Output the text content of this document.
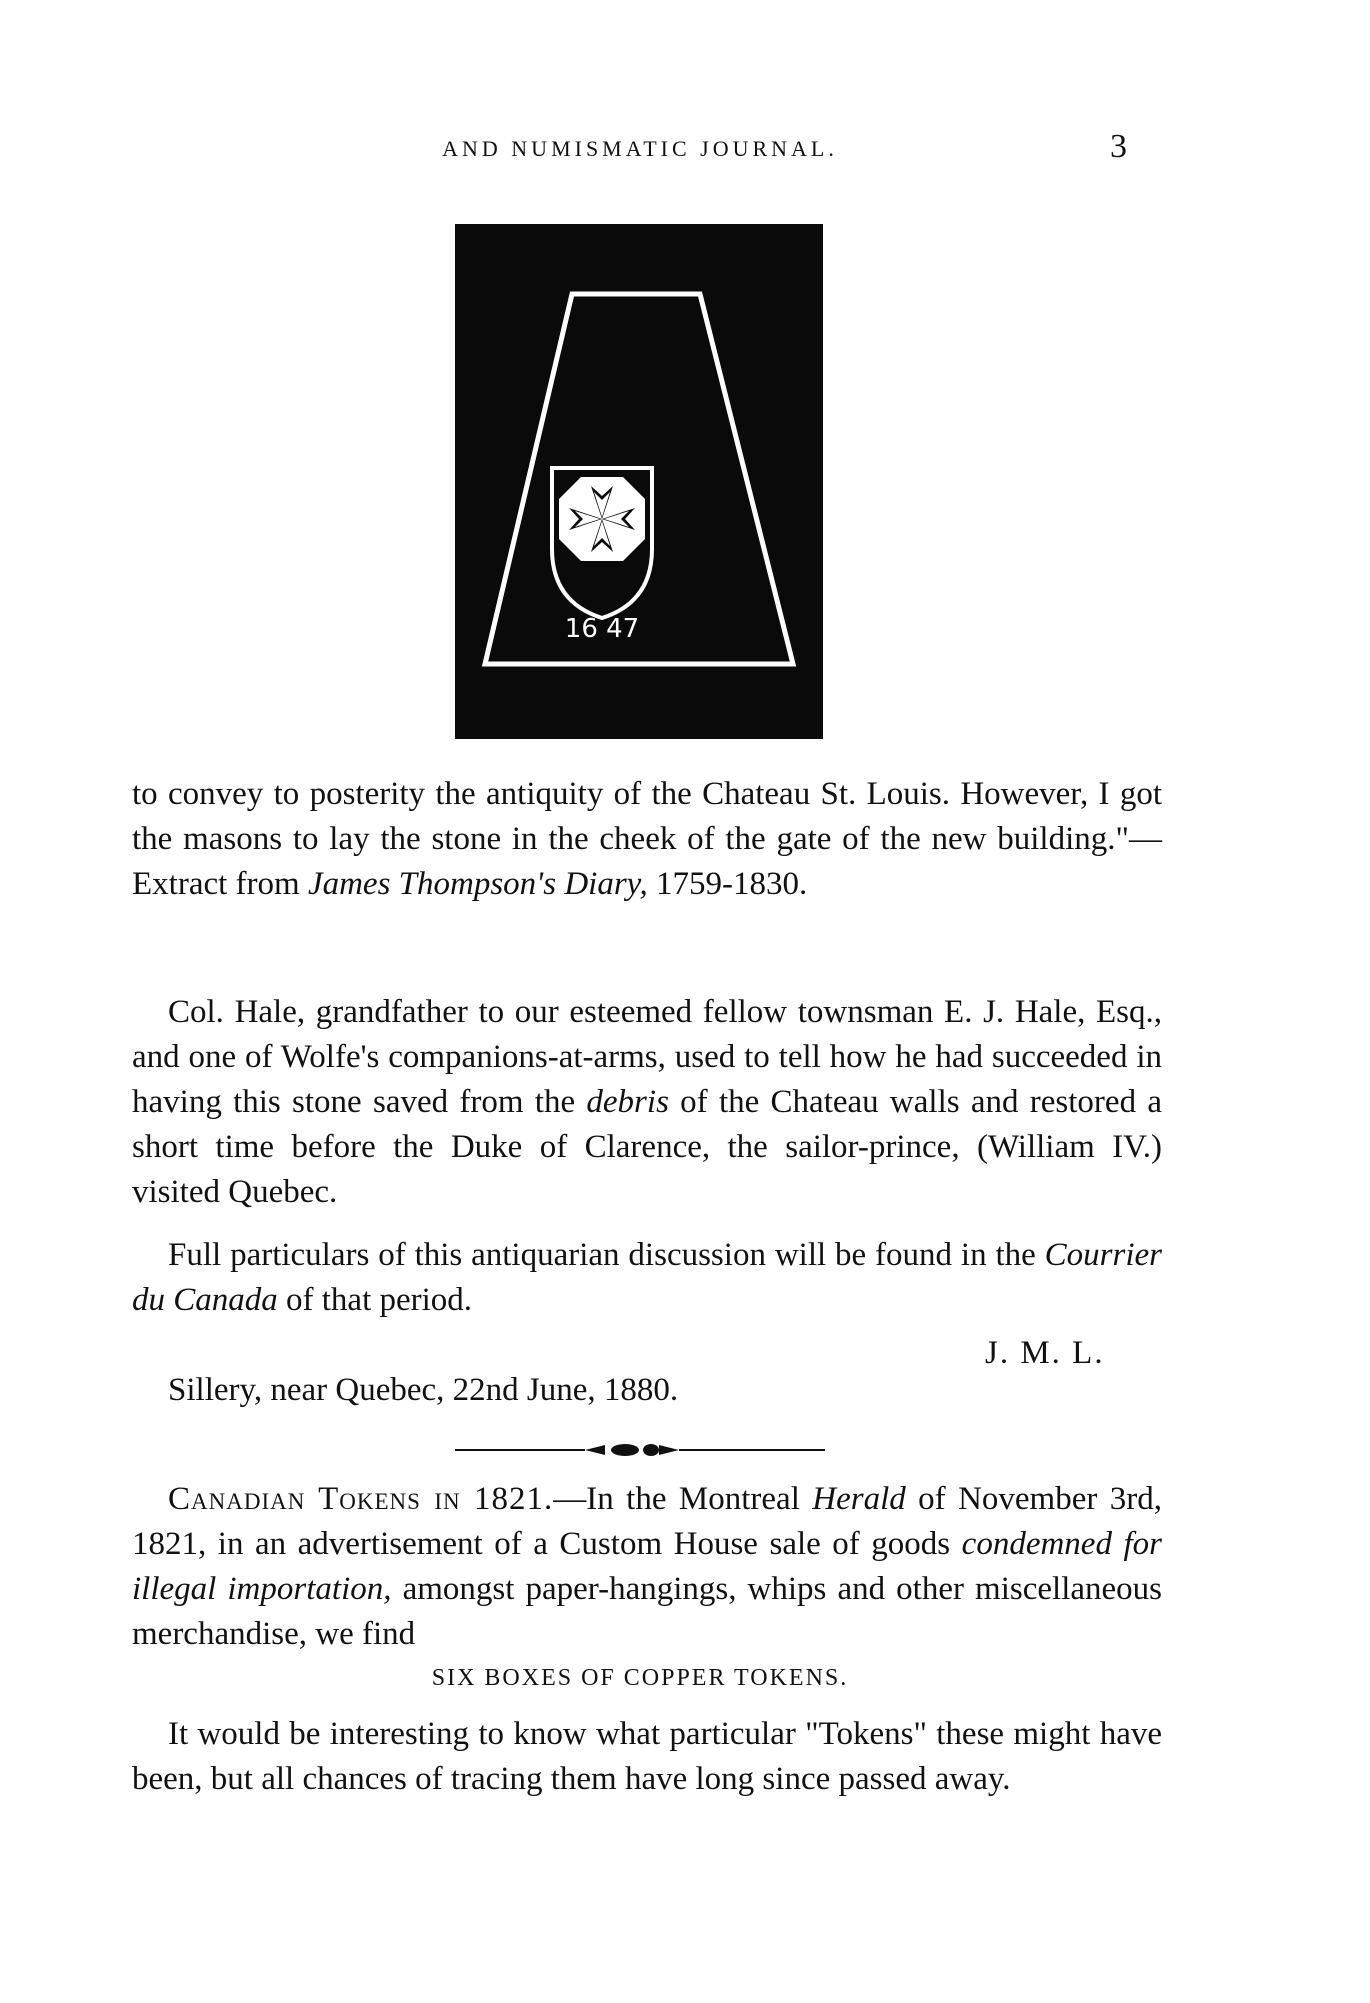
AND NUMISMATIC JOURNAL.	3
16 47

to convey to posterity the antiquity of the Chateau St. Louis. However, I got the masons to lay the stone in the cheek of the gate of the new building."—Extract from James Thompson's Diary, 1759-1830.

Col. Hale, grandfather to our esteemed fellow townsman E. J. Hale, Esq., and one of Wolfe's companions-at-arms, used to tell how he had succeeded in having this stone saved from the debris of the Chateau walls and restored a short time before the Duke of Clarence, the sailor-prince, (William IV.) visited Quebec.

Full particulars of this antiquarian discussion will be found in the Courrier du Canada of that period.

J. M. L.
Sillery, near Quebec, 22nd June, 1880.

Canadian Tokens in 1821.—In the Montreal Herald of November 3rd, 1821, in an advertisement of a Custom House sale of goods condemned for illegal importation, amongst paper-hangings, whips and other miscellaneous merchandise, we find

SIX BOXES OF COPPER TOKENS.

It would be interesting to know what particular "Tokens" these might have been, but all chances of tracing them have long since passed away.
